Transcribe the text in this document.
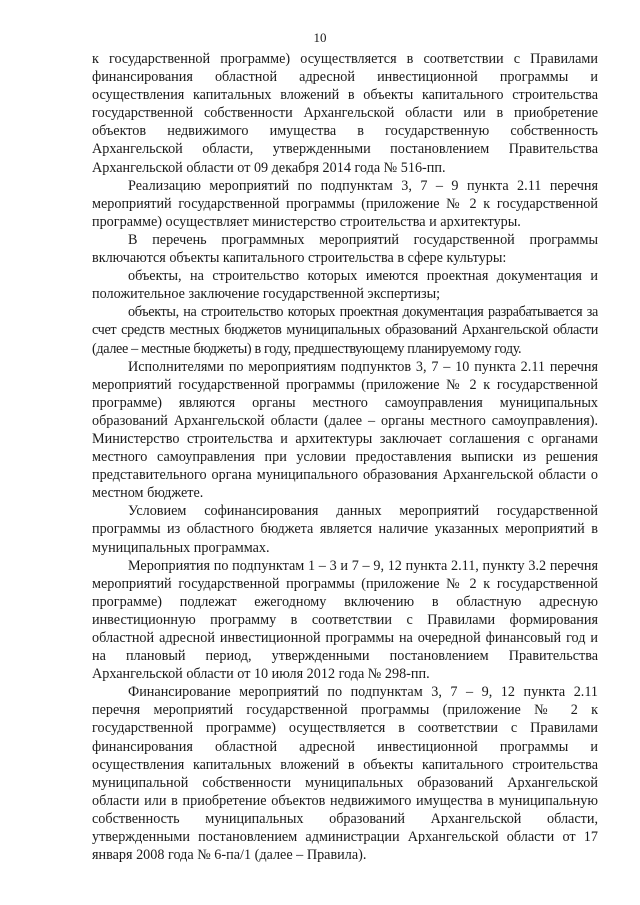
10

к государственной программе) осуществляется в соответствии с Правилами финансирования областной адресной инвестиционной программы и осуществления капитальных вложений в объекты капитального строительства государственной собственности Архангельской области или в приобретение объектов недвижимого имущества в государственную собственность Архангельской области, утвержденными постановлением Правительства Архангельской области от 09 декабря 2014 года № 516-пп.

Реализацию мероприятий по подпунктам 3, 7 – 9 пункта 2.11 перечня мероприятий государственной программы (приложение № 2 к государственной программе) осуществляет министерство строительства и архитектуры.

В перечень программных мероприятий государственной программы включаются объекты капитального строительства в сфере культуры:

объекты, на строительство которых имеются проектная документация и положительное заключение государственной экспертизы;

объекты, на строительство которых проектная документация разрабатывается за счет средств местных бюджетов муниципальных образований Архангельской области (далее – местные бюджеты) в году, предшествующему планируемому году.

Исполнителями по мероприятиям подпунктов 3, 7 – 10 пункта 2.11 перечня мероприятий государственной программы (приложение № 2 к государственной программе) являются органы местного самоуправления муниципальных образований Архангельской области (далее – органы местного самоуправления). Министерство строительства и архитектуры заключает соглашения с органами местного самоуправления при условии предоставления выписки из решения представительного органа муниципального образования Архангельской области о местном бюджете.

Условием софинансирования данных мероприятий государственной программы из областного бюджета является наличие указанных мероприятий в муниципальных программах.

Мероприятия по подпунктам 1 – 3 и 7 – 9, 12 пункта 2.11, пункту 3.2 перечня мероприятий государственной программы (приложение № 2 к государственной программе) подлежат ежегодному включению в областную адресную инвестиционную программу в соответствии с Правилами формирования областной адресной инвестиционной программы на очередной финансовый год и на плановый период, утвержденными постановлением Правительства Архангельской области от 10 июля 2012 года № 298-пп.

Финансирование мероприятий по подпунктам 3, 7 – 9, 12 пункта 2.11 перечня мероприятий государственной программы (приложение № 2 к государственной программе) осуществляется в соответствии с Правилами финансирования областной адресной инвестиционной программы и осуществления капитальных вложений в объекты капитального строительства муниципальной собственности муниципальных образований Архангельской области или в приобретение объектов недвижимого имущества в муниципальную собственность муниципальных образований Архангельской области, утвержденными постановлением администрации Архангельской области от 17 января 2008 года № 6-па/1 (далее – Правила).
